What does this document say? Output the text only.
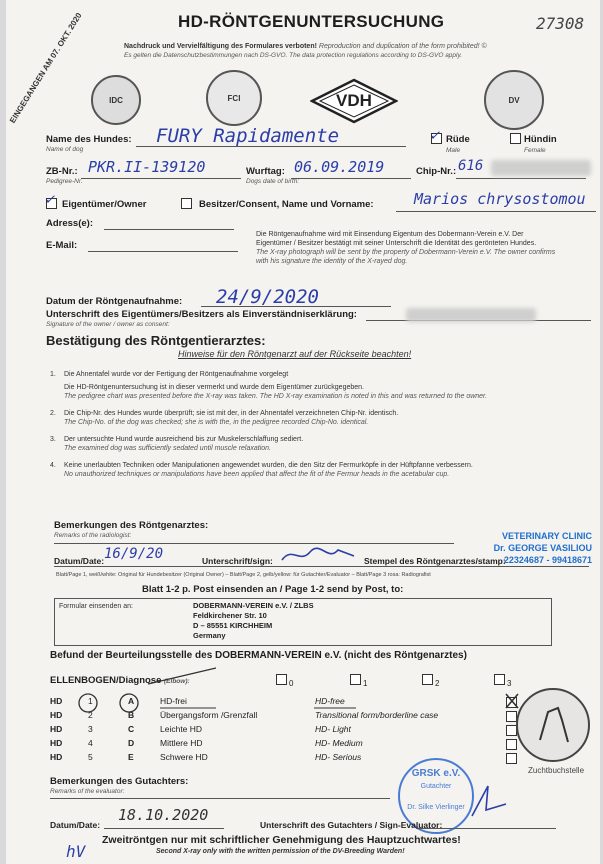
EINGEGANGEN AM 07. OKT. 2020	HD-RÖNTGENUNTERSUCHUNG	27308
Nachdruck und Vervielfältigung des Formulares verboten! Reproduction and duplication of the form prohibited! ©
Es gelten die Datenschutzbestimmungen nach DS-GVO. The data protection regulations according to DS-GVO apply.
IDC	FCI	VDH	DV
Name des Hundes:
Name of dog
FURY Rapidamente	✓ Rüde
Male
Hündin
Female
ZB-Nr.:
Pedigree-Nr.
PKR.II-139120	Wurftag:
Dogs date of birth:
06.09.2019	Chip-Nr.: 616
✓ Eigentümer/Owner	Besitzer/Consent, Name und Vorname:	Marios chrysostomou
Adress(e):
E-Mail:
Die Röntgenaufnahme wird mit Einsendung Eigentum des Dobermann-Verein e.V. Der Eigentümer / Besitzer bestätigt mit seiner Unterschrift die Identität des gerönteten Hundes.
The X-ray photograph will be sent by the property of Dobermann-Verein e.V. The owner confirms with his signature the identity of the X-rayed dog.
Datum der Röntgenaufnahme: 24/9/2020
Unterschrift des Eigentümers/Besitzers als Einverständniserklärung:
Signature of the owner / owner as consent:
Bestätigung des Röntgentierarztes:
Hinweise für den Röntgenarzt auf der Rückseite beachten!
1.	Die Ahnentafel wurde vor der Fertigung der Röntgenaufnahme vorgelegt
Die HD-Röntgenuntersuchung ist in dieser vermerkt und wurde dem Eigentümer zurückgegeben.
The pedigree chart was presented before the X-ray was taken. The HD X-ray examination is noted in this and was returned to the owner.
2.	Die Chip-Nr. des Hundes wurde überprüft; sie ist mit der, in der Ahnentafel verzeichneten Chip-Nr. identisch.
The Chip-No. of the dog was checked; she is with the, in the pedigree recorded Chip-No. identical.
3.	Der untersuchte Hund wurde ausreichend bis zur Muskelerschlaffung sediert.
The examined dog was sufficiently sedated until muscle relaxation.
4.	Keine unerlaubten Techniken oder Manipulationen angewendet wurden, die den Sitz der Fermurköpfe in der Hüftpfanne verbessern.
No unauthorized techniques or manipulations have been applied that affect the fit of the Fermur heads in the acetabular cup.
Bemerkungen des Röntgenarztes:
Remarks of the radiologist:
Datum/Date: 16/9/20	Unterschrift/sign:	Stempel des Röntgenarztes/stamp:
VETERINARY CLINIC
Dr. GEORGE VASILIOU
22324687 - 99418671
Blatt/Page 1, weiß/white: Original für Hundebesitzer (Original Owner) – Blatt/Page 2, gelb/yellow: für Gutachter/Evaluator – Blatt/Page 3 rosa: Radiografist
Blatt 1-2 p. Post einsenden an / Page 1-2 send by Post, to:
Formular einsenden an:	DOBERMANN-VEREIN e.V. / ZLBS
Feldkirchener Str. 10
D – 85551 KIRCHHEIM
Germany
Befund der Beurteilungsstelle des DOBERMANN-VEREIN e.V. (nicht des Röntgenarztes)
ELLENBOGEN/Diagnose (Elbow):	0	1	2	3
HD	1	A	HD-frei	HD-free
HD	2	B	Übergangsform /Grenzfall	Transitional form/borderline case
HD	3	C	Leichte HD	HD- Light
HD	4	D	Mittlere HD	HD- Medium
HD	5	E	Schwere HD	HD- Serious
Zuchtbuchstelle
Bemerkungen des Gutachters:
Remarks of the evaluator:
GRSK e.V.
Gutachter
Dr. Silke Vierlinger
Datum/Date:
18.10.2020
Unterschrift des Gutachters / Sign-Evaluator:
Zweitröntgen nur mit schriftlicher Genehmigung des Hauptzuchtwartes!
Second X-ray only with the written permission of the DV-Breeding Warden!
hV
